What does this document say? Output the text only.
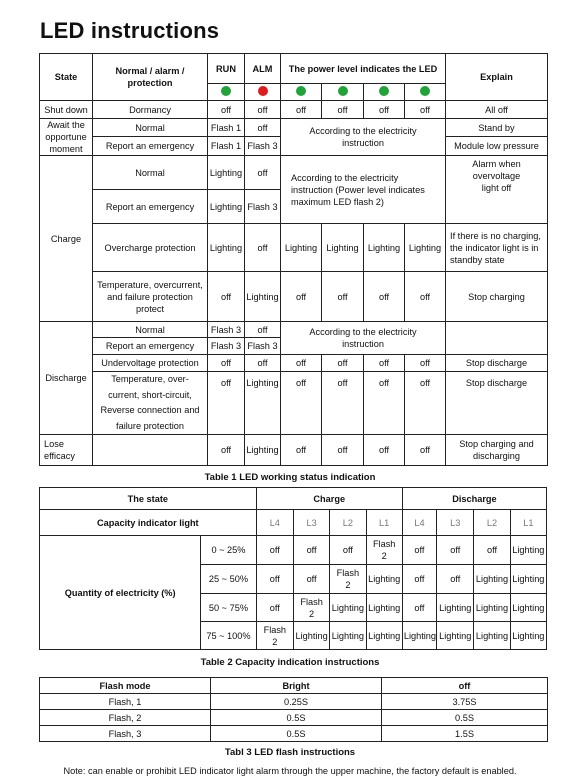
LED instructions
State	Normal / alarm / protection	RUN	ALM	The power level indicates the LED				Explain

Shut down	Dormancy	off	off	off	off	off	off	All off
Await the opportune moment	Normal	Flash 1	off	According to the electricity instruction				Stand by
	Report an emergency	Flash 1	Flash 3					Module low pressure
Charge	Normal	Lighting	off	According to the electricity instruction (Power level indicates maximum LED flash 2)				Alarm when overvoltage light off
	Report an emergency	Lighting	Flash 3					
	Overcharge protection	Lighting	off	Lighting	Lighting	Lighting	Lighting	If there is no charging, the indicator light is in standby state
	Temperature, overcurrent, and failure protection protect	off	Lighting	off	off	off	off	Stop charging
Discharge	Normal	Flash 3	off	According to the electricity instruction				
	Report an emergency	Flash 3	Flash 3					
	Undervoltage protection	off	off	off	off	off	off	Stop discharge
	Temperature, over-current, short-circuit, Reverse connection and failure protection	off	Lighting	off	off	off	off	Stop discharge
Lose efficacy		off	Lighting	off	off	off	off	Stop charging and discharging
Table 1 LED working status indication
The state		Charge				Discharge			
Capacity indicator light		L4	L3	L2	L1	L4	L3	L2	L1
Quantity of electricity (%)	0 ~ 25%	off	off	off	Flash 2	off	off	off	Lighting
	25 ~ 50%	off	off	Flash 2	Lighting	off	off	Lighting	Lighting
	50 ~ 75%	off	Flash 2	Lighting	Lighting	off	Lighting	Lighting	Lighting
	75 ~ 100%	Flash 2	Lighting	Lighting	Lighting	Lighting	Lighting	Lighting	Lighting
Table 2 Capacity indication instructions
Flash mode	Bright	off
Flash, 1	0.25S	3.75S
Flash, 2	0.5S	0.5S
Flash, 3	0.5S	1.5S
Tabl 3 LED flash instructions
Note: can enable or prohibit LED indicator light alarm through the upper machine, the factory default is enabled.
